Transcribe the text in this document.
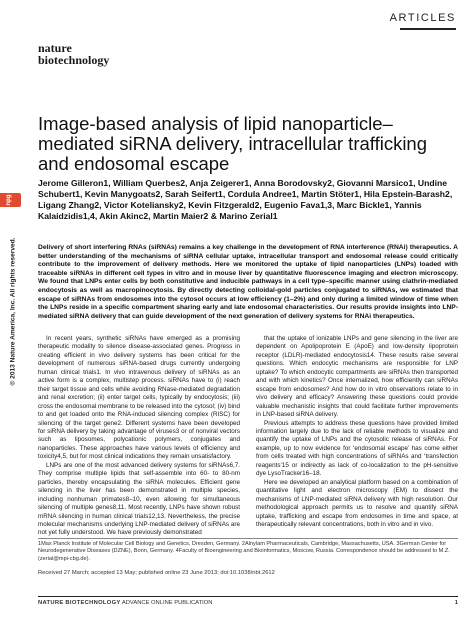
ARTICLES
nature
biotechnology
© 2013 Nature America, Inc. All rights reserved.
npg
Image-based analysis of lipid nanoparticle–mediated siRNA delivery, intracellular trafficking and endosomal escape
Jerome Gilleron1, William Querbes2, Anja Zeigerer1, Anna Borodovsky2, Giovanni Marsico1, Undine Schubert1, Kevin Manygoats2, Sarah Seifert1, Cordula Andree1, Martin Stöter1, Hila Epstein-Barash2, Ligang Zhang2, Victor Koteliansky2, Kevin Fitzgerald2, Eugenio Fava1,3, Marc Bickle1, Yannis Kalaidzidis1,4, Akin Akinc2, Martin Maier2 & Marino Zerial1
Delivery of short interfering RNAs (siRNAs) remains a key challenge in the development of RNA interference (RNAi) therapeutics. A better understanding of the mechanisms of siRNA cellular uptake, intracellular transport and endosomal release could critically contribute to the improvement of delivery methods. Here we monitored the uptake of lipid nanoparticles (LNPs) loaded with traceable siRNAs in different cell types in vitro and in mouse liver by quantitative fluorescence imaging and electron microscopy. We found that LNPs enter cells by both constitutive and inducible pathways in a cell type–specific manner using clathrin-mediated endocytosis as well as macropinocytosis. By directly detecting colloidal-gold particles conjugated to siRNAs, we estimated that escape of siRNAs from endosomes into the cytosol occurs at low efficiency (1–2%) and only during a limited window of time when the LNPs reside in a specific compartment sharing early and late endosomal characteristics. Our results provide insights into LNP-mediated siRNA delivery that can guide development of the next generation of delivery systems for RNAi therapeutics.

In recent years, synthetic siRNAs have emerged as a promising therapeutic modality to silence disease-associated genes. Progress in creating efficient in vivo delivery systems has been critical for the development of numerous siRNA-based drugs currently undergoing human clinical trials1. In vivo intravenous delivery of siRNAs as an active form is a complex, multistep process. siRNAs have to (i) reach their target tissue and cells while avoiding RNase-mediated degradation and renal excretion; (ii) enter target cells, typically by endocytosis; (iii) cross the endosomal membrane to be released into the cytosol; (iv) bind to and get loaded onto the RNA-induced silencing complex (RISC) for silencing of the target gene2. Different systems have been developed for siRNA delivery by taking advantage of viruses3 or of nonviral vectors such as liposomes, polycationic polymers, conjugates and nanoparticles. These approaches have various levels of efficiency and toxicity4,5, but for most clinical indications they remain unsatisfactory.

LNPs are one of the most advanced delivery systems for siRNAs6,7. They comprise multiple lipids that self-assemble into 60- to 80-nm particles, thereby encapsulating the siRNA molecules. Efficient gene silencing in the liver has been demonstrated in multiple species, including nonhuman primates8–10, even allowing for simultaneous silencing of multiple genes8,11. Most recently, LNPs have shown robust mRNA silencing in human clinical trials12,13. Nevertheless, the precise molecular mechanisms underlying LNP-mediated delivery of siRNAs are not yet fully understood. We have previously demonstrated

that the uptake of ionizable LNPs and gene silencing in the liver are dependent on Apolipoprotein E (ApoE) and low-density lipoprotein receptor (LDLR)-mediated endocytosis14. These results raise several questions. Which endocytic mechanisms are responsible for LNP uptake? To which endocytic compartments are siRNAs then transported and with which kinetics? Once internalized, how efficiently can siRNAs escape from endosomes? And how do in vitro observations relate to in vivo delivery and efficacy? Answering these questions could provide valuable mechanistic insights that could facilitate further improvements in LNP-based siRNA delivery.

Previous attempts to address these questions have provided limited information largely due to the lack of reliable methods to visualize and quantify the uptake of LNPs and the cytosolic release of siRNAs. For example, up to now evidence for ‘endosomal escape’ has come either from cells treated with high concentrations of siRNAs and ‘transfection reagents’15 or indirectly as lack of co-localization to the pH-sensitive dye LysoTracker16–18.

Here we developed an analytical platform based on a combination of quantitative light and electron microscopy (EM) to dissect the mechanisms of LNP-mediated siRNA delivery with high resolution. Our methodological approach permits us to resolve and quantify siRNA uptake, trafficking and escape from endosomes in time and space, at therapeutically relevant concentrations, both in vitro and in vivo.

1Max Planck Institute of Molecular Cell Biology and Genetics, Dresden, Germany. 2Alnylam Pharmaceuticals, Cambridge, Massachusetts, USA. 3German Center for Neurodegenerative Diseases (DZNE), Bonn, Germany. 4Faculty of Bioengineering and Bioinformatics, Moscow, Russia. Correspondence should be addressed to M.Z. (zerial@mpi-cbg.de).
Received 27 March; accepted 13 May; published online 23 June 2013; doi:10.1038/nbt.2612
NATURE BIOTECHNOLOGY ADVANCE ONLINE PUBLICATION	1
